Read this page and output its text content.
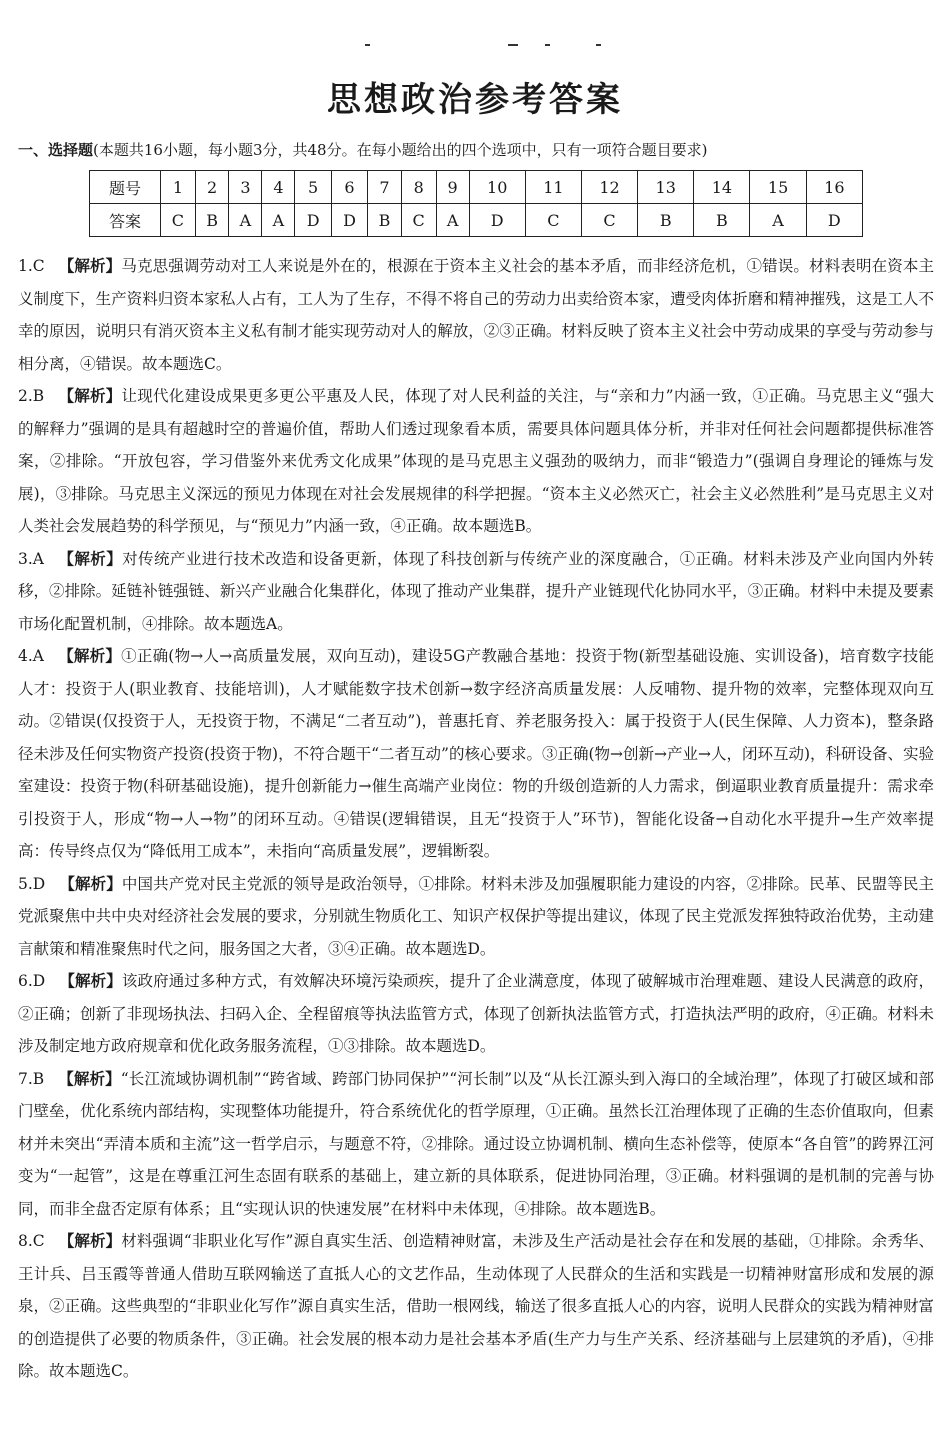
思想政治参考答案
一、选择题(本题共16小题，每小题3分，共48分。在每小题给出的四个选项中，只有一项符合题目要求)
题号	1	2	3	4	5	6	7	8	9	10	11	12	13	14	15	16
答案	C	B	A	A	D	D	B	C	A	D	C	C	B	B	A	D

1.C 【解析】马克思强调劳动对工人来说是外在的，根源在于资本主义社会的基本矛盾，而非经济危机，①错误。材料表明在资本主义制度下，生产资料归资本家私人占有，工人为了生存，不得不将自己的劳动力出卖给资本家，遭受肉体折磨和精神摧残，这是工人不幸的原因，说明只有消灭资本主义私有制才能实现劳动对人的解放，②③正确。材料反映了资本主义社会中劳动成果的享受与劳动参与相分离，④错误。故本题选C。

2.B 【解析】让现代化建设成果更多更公平惠及人民，体现了对人民利益的关注，与“亲和力”内涵一致，①正确。马克思主义“强大的解释力”强调的是具有超越时空的普遍价值，帮助人们透过现象看本质，需要具体问题具体分析，并非对任何社会问题都提供标准答案，②排除。“开放包容，学习借鉴外来优秀文化成果”体现的是马克思主义强劲的吸纳力，而非“锻造力”(强调自身理论的锤炼与发展)，③排除。马克思主义深远的预见力体现在对社会发展规律的科学把握。“资本主义必然灭亡，社会主义必然胜利”是马克思主义对人类社会发展趋势的科学预见，与“预见力”内涵一致，④正确。故本题选B。

3.A 【解析】对传统产业进行技术改造和设备更新，体现了科技创新与传统产业的深度融合，①正确。材料未涉及产业向国内外转移，②排除。延链补链强链、新兴产业融合化集群化，体现了推动产业集群，提升产业链现代化协同水平，③正确。材料中未提及要素市场化配置机制，④排除。故本题选A。

4.A 【解析】①正确(物→人→高质量发展，双向互动)，建设5G产教融合基地：投资于物(新型基础设施、实训设备)，培育数字技能人才：投资于人(职业教育、技能培训)，人才赋能数字技术创新→数字经济高质量发展：人反哺物、提升物的效率，完整体现双向互动。②错误(仅投资于人，无投资于物，不满足“二者互动”)，普惠托育、养老服务投入：属于投资于人(民生保障、人力资本)，整条路径未涉及任何实物资产投资(投资于物)，不符合题干“二者互动”的核心要求。③正确(物→创新→产业→人，闭环互动)，科研设备、实验室建设：投资于物(科研基础设施)，提升创新能力→催生高端产业岗位：物的升级创造新的人力需求，倒逼职业教育质量提升：需求牵引投资于人，形成“物→人→物”的闭环互动。④错误(逻辑错误，且无“投资于人”环节)，智能化设备→自动化水平提升→生产效率提高：传导终点仅为“降低用工成本”，未指向“高质量发展”，逻辑断裂。

5.D 【解析】中国共产党对民主党派的领导是政治领导，①排除。材料未涉及加强履职能力建设的内容，②排除。民革、民盟等民主党派聚焦中共中央对经济社会发展的要求，分别就生物质化工、知识产权保护等提出建议，体现了民主党派发挥独特政治优势，主动建言献策和精准聚焦时代之问，服务国之大者，③④正确。故本题选D。

6.D 【解析】该政府通过多种方式，有效解决环境污染顽疾，提升了企业满意度，体现了破解城市治理难题、建设人民满意的政府，②正确；创新了非现场执法、扫码入企、全程留痕等执法监管方式，体现了创新执法监管方式，打造执法严明的政府，④正确。材料未涉及制定地方政府规章和优化政务服务流程，①③排除。故本题选D。

7.B 【解析】“长江流域协调机制”“跨省域、跨部门协同保护”“河长制”以及“从长江源头到入海口的全域治理”，体现了打破区域和部门壁垒，优化系统内部结构，实现整体功能提升，符合系统优化的哲学原理，①正确。虽然长江治理体现了正确的生态价值取向，但素材并未突出“弄清本质和主流”这一哲学启示，与题意不符，②排除。通过设立协调机制、横向生态补偿等，使原本“各自管”的跨界江河变为“一起管”，这是在尊重江河生态固有联系的基础上，建立新的具体联系，促进协同治理，③正确。材料强调的是机制的完善与协同，而非全盘否定原有体系；且“实现认识的快速发展”在材料中未体现，④排除。故本题选B。

8.C 【解析】材料强调“非职业化写作”源自真实生活、创造精神财富，未涉及生产活动是社会存在和发展的基础，①排除。余秀华、王计兵、吕玉霞等普通人借助互联网输送了直抵人心的文艺作品，生动体现了人民群众的生活和实践是一切精神财富形成和发展的源泉，②正确。这些典型的“非职业化写作”源自真实生活，借助一根网线，输送了很多直抵人心的内容，说明人民群众的实践为精神财富的创造提供了必要的物质条件，③正确。社会发展的根本动力是社会基本矛盾(生产力与生产关系、经济基础与上层建筑的矛盾)，④排除。故本题选C。
